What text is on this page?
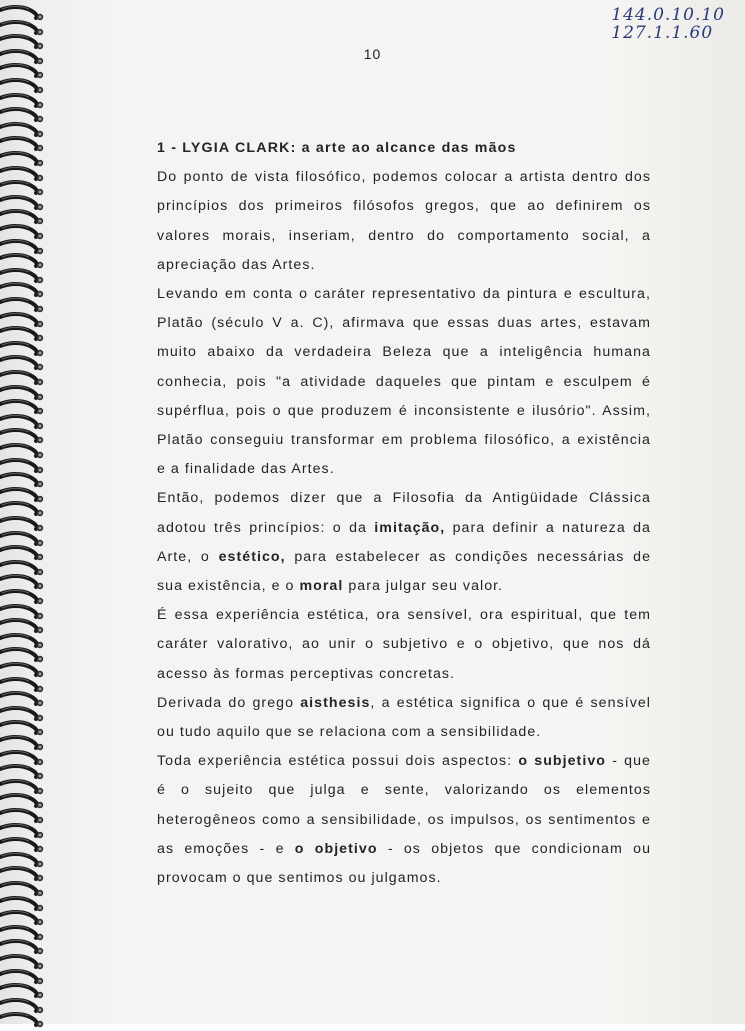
144.0.10.10
127.1.1.60
10
1 - LYGIA CLARK: a arte ao alcance das mãos

Do ponto de vista filosófico, podemos colocar a artista dentro dos princípios dos primeiros filósofos gregos, que ao definirem os valores morais, inseriam, dentro do comportamento social, a apreciação das Artes.

Levando em conta o caráter representativo da pintura e escultura, Platão (século V a. C), afirmava que essas duas artes, estavam muito abaixo da verdadeira Beleza que a inteligência humana conhecia, pois "a atividade daqueles que pintam e esculpem é supérflua, pois o que produzem é inconsistente e ilusório". Assim, Platão conseguiu transformar em problema filosófico, a existência e a finalidade das Artes.

Então, podemos dizer que a Filosofia da Antigüidade Clássica adotou três princípios: o da imitação, para definir a natureza da Arte, o estético, para estabelecer as condições necessárias de sua existência, e o moral para julgar seu valor.

É essa experiência estética, ora sensível, ora espiritual, que tem caráter valorativo, ao unir o subjetivo e o objetivo, que nos dá acesso às formas perceptivas concretas.

Derivada do grego aisthesis, a estética significa o que é sensível ou tudo aquilo que se relaciona com a sensibilidade.

Toda experiência estética possui dois aspectos: o subjetivo - que é o sujeito que julga e sente, valorizando os elementos heterogêneos como a sensibilidade, os impulsos, os sentimentos e as emoções - e o objetivo - os objetos que condicionam ou provocam o que sentimos ou julgamos.
